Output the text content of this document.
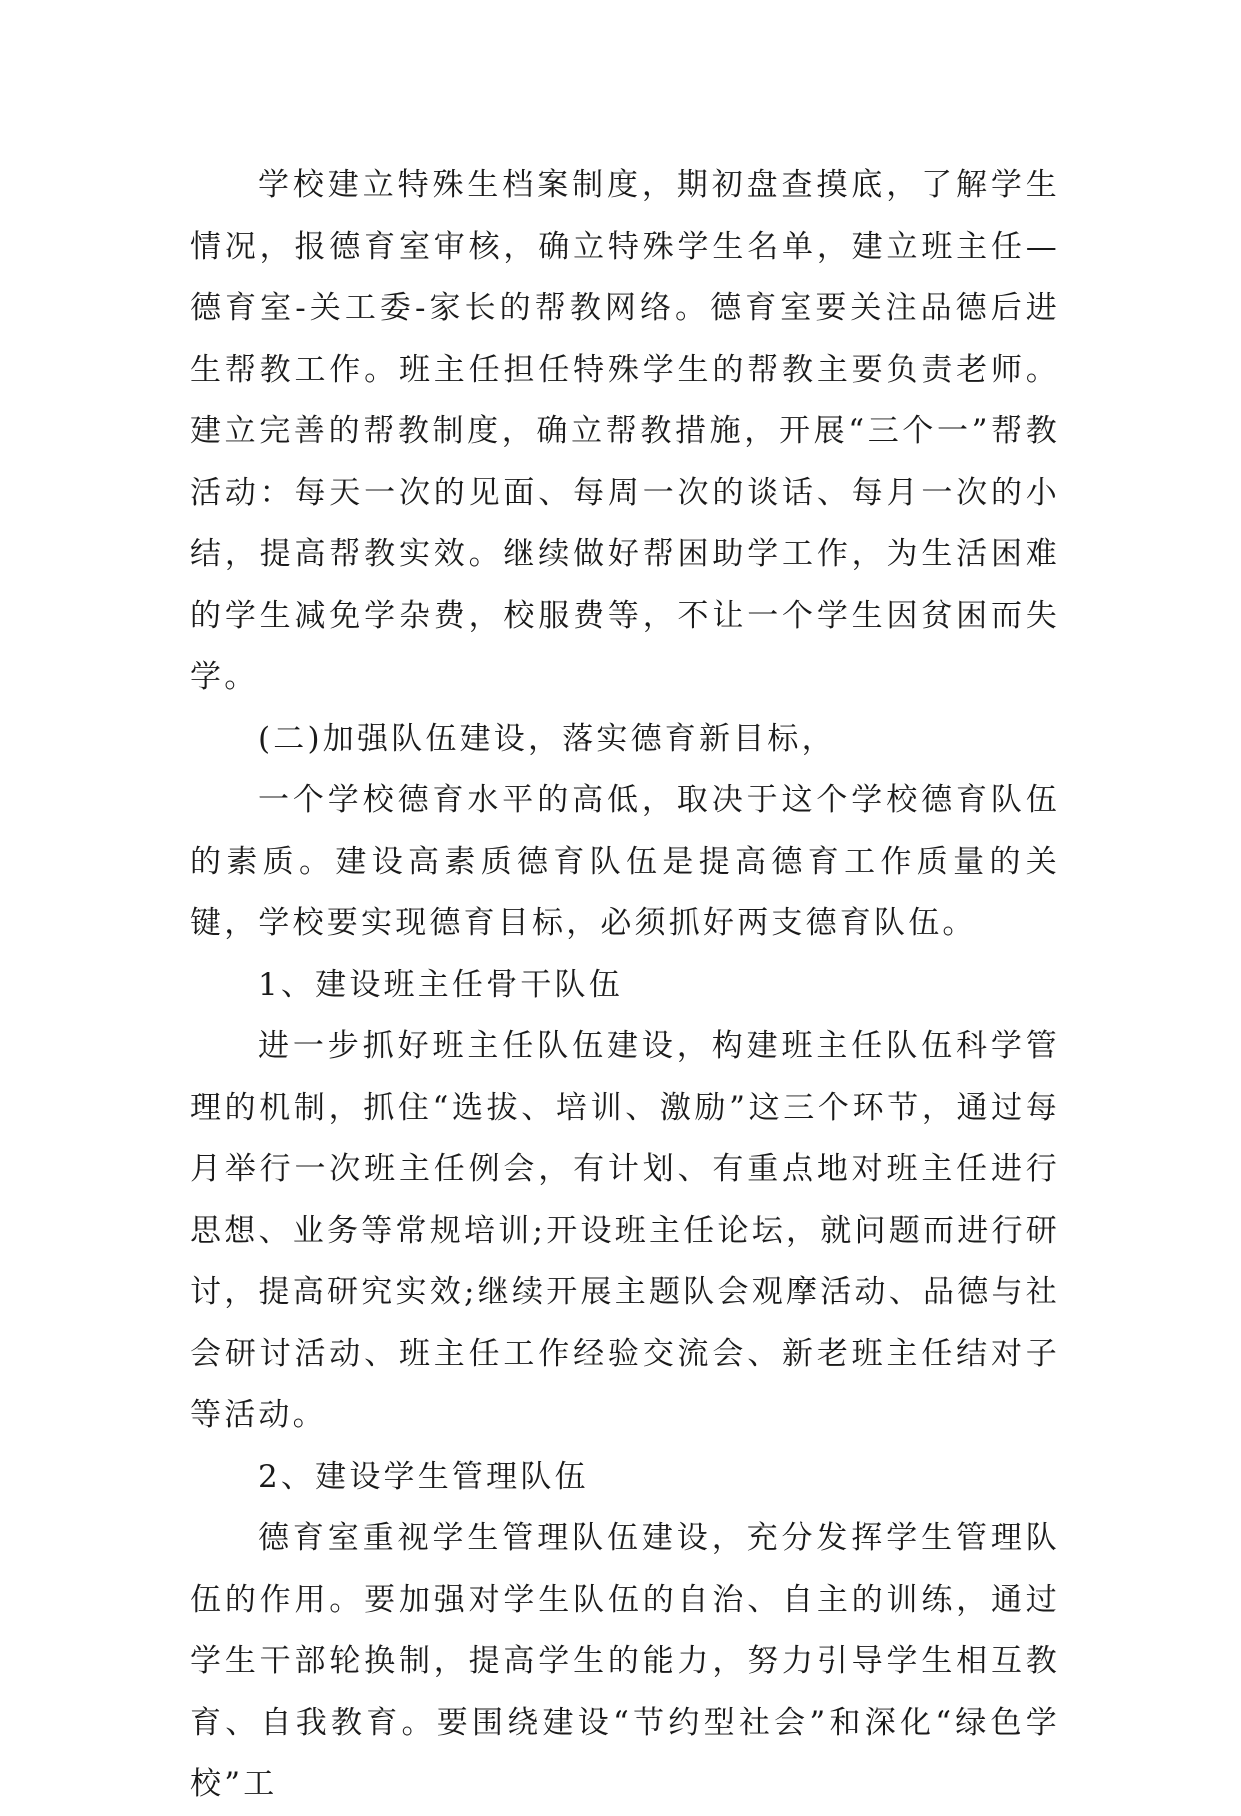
学校建立特殊生档案制度，期初盘查摸底，了解学生情况，报德育室审核，确立特殊学生名单，建立班主任—德育室-关工委-家长的帮教网络。德育室要关注品德后进生帮教工作。班主任担任特殊学生的帮教主要负责老师。建立完善的帮教制度，确立帮教措施，开展“三个一”帮教活动：每天一次的见面、每周一次的谈话、每月一次的小结，提高帮教实效。继续做好帮困助学工作，为生活困难的学生减免学杂费，校服费等，不让一个学生因贫困而失学。

(二)加强队伍建设，落实德育新目标，

一个学校德育水平的高低，取决于这个学校德育队伍的素质。建设高素质德育队伍是提高德育工作质量的关键，学校要实现德育目标，必须抓好两支德育队伍。

1、建设班主任骨干队伍

进一步抓好班主任队伍建设，构建班主任队伍科学管理的机制，抓住“选拔、培训、激励”这三个环节，通过每月举行一次班主任例会，有计划、有重点地对班主任进行思想、业务等常规培训;开设班主任论坛，就问题而进行研讨，提高研究实效;继续开展主题队会观摩活动、品德与社会研讨活动、班主任工作经验交流会、新老班主任结对子等活动。

2、建设学生管理队伍

德育室重视学生管理队伍建设，充分发挥学生管理队伍的作用。要加强对学生队伍的自治、自主的训练，通过学生干部轮换制，提高学生的能力，努力引导学生相互教育、自我教育。要围绕建设“节约型社会”和深化“绿色学校”工
